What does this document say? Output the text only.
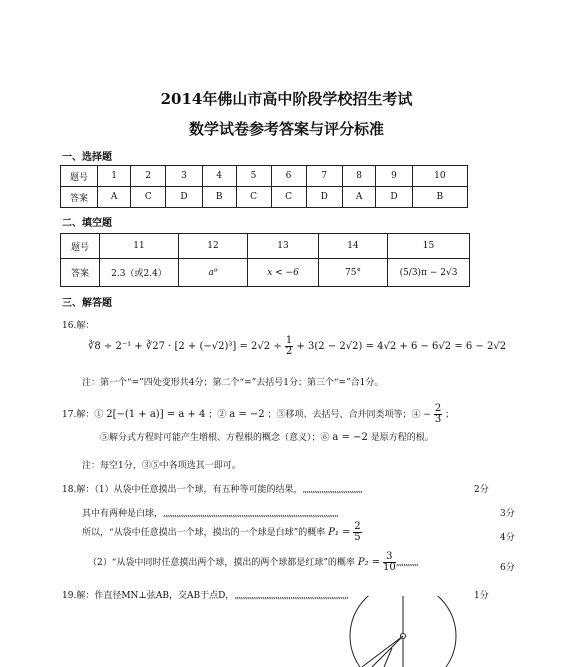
2014年佛山市高中阶段学校招生考试
数学试卷参考答案与评分标准
一、选择题
题号	1	2	3	4	5	6	7	8	9	10
答案	A	C	D	B	C	C	D	A	D	B
二、填空题
题号	11	12	13	14	15
答案	2.3（或2.4）	a⁹	x < −6	75°	(5/3)π − 2√3
三、解答题
16.解：
∛8 ÷ 2⁻¹ + ∛27 · $[2 + (-√2)^3] = 2√2 \div \frac{1}{2} + 3(2 - 2√2) = 4√2 + 6 - 6√2 = 6 - 2√2$
注：第一个“=”四处变形共4分；第二个“=”去括号1分；第三个“=”合1分。
17.解：① 2[−(1 + a)] = a + 4 ；② a = −2 ；③移项、去括号、合并同类项等；④ − $\frac{2}{3}$ ；
⑤解分式方程时可能产生增根、方程根的概念（意义）；⑥ a = −2 是原方程的根。
注：每空1分，③⑤中各项选其一即可。
18.解：（1）从袋中任意摸出一个球，有五种等可能的结果，,,,,,,,,,,,,,,,,,,,,,,,,,,,,,,,,	2分
其中有两种是白球，,,,,,,,,,,,,,,,,,,,,,,,,,,,,,,,,,,,,,,,,,,,,,,,,,,,,,,,,,,,,,,,,,,,,,,,,,,,,,,,,,,,,,,,,,,,,,,	3分
所以，“从袋中任意摸出一个球，摸出的一个球是白球”的概率 $P_1 = \frac{2}{5}$	4分
（2）“从袋中同时任意摸出两个球，摸出的两个球都是红球”的概率 $P_2 = \frac{3}{10}$ ,,,,,,,,,,,,	6分
19.解：作直径MN⊥弦AB，交AB于点D，,,,,,,,,,,,,,,,,,,,,,,,,,,,,,,,,,,,,,,,,,,,,,,,,,,,,,,,,,,,,,	1分
